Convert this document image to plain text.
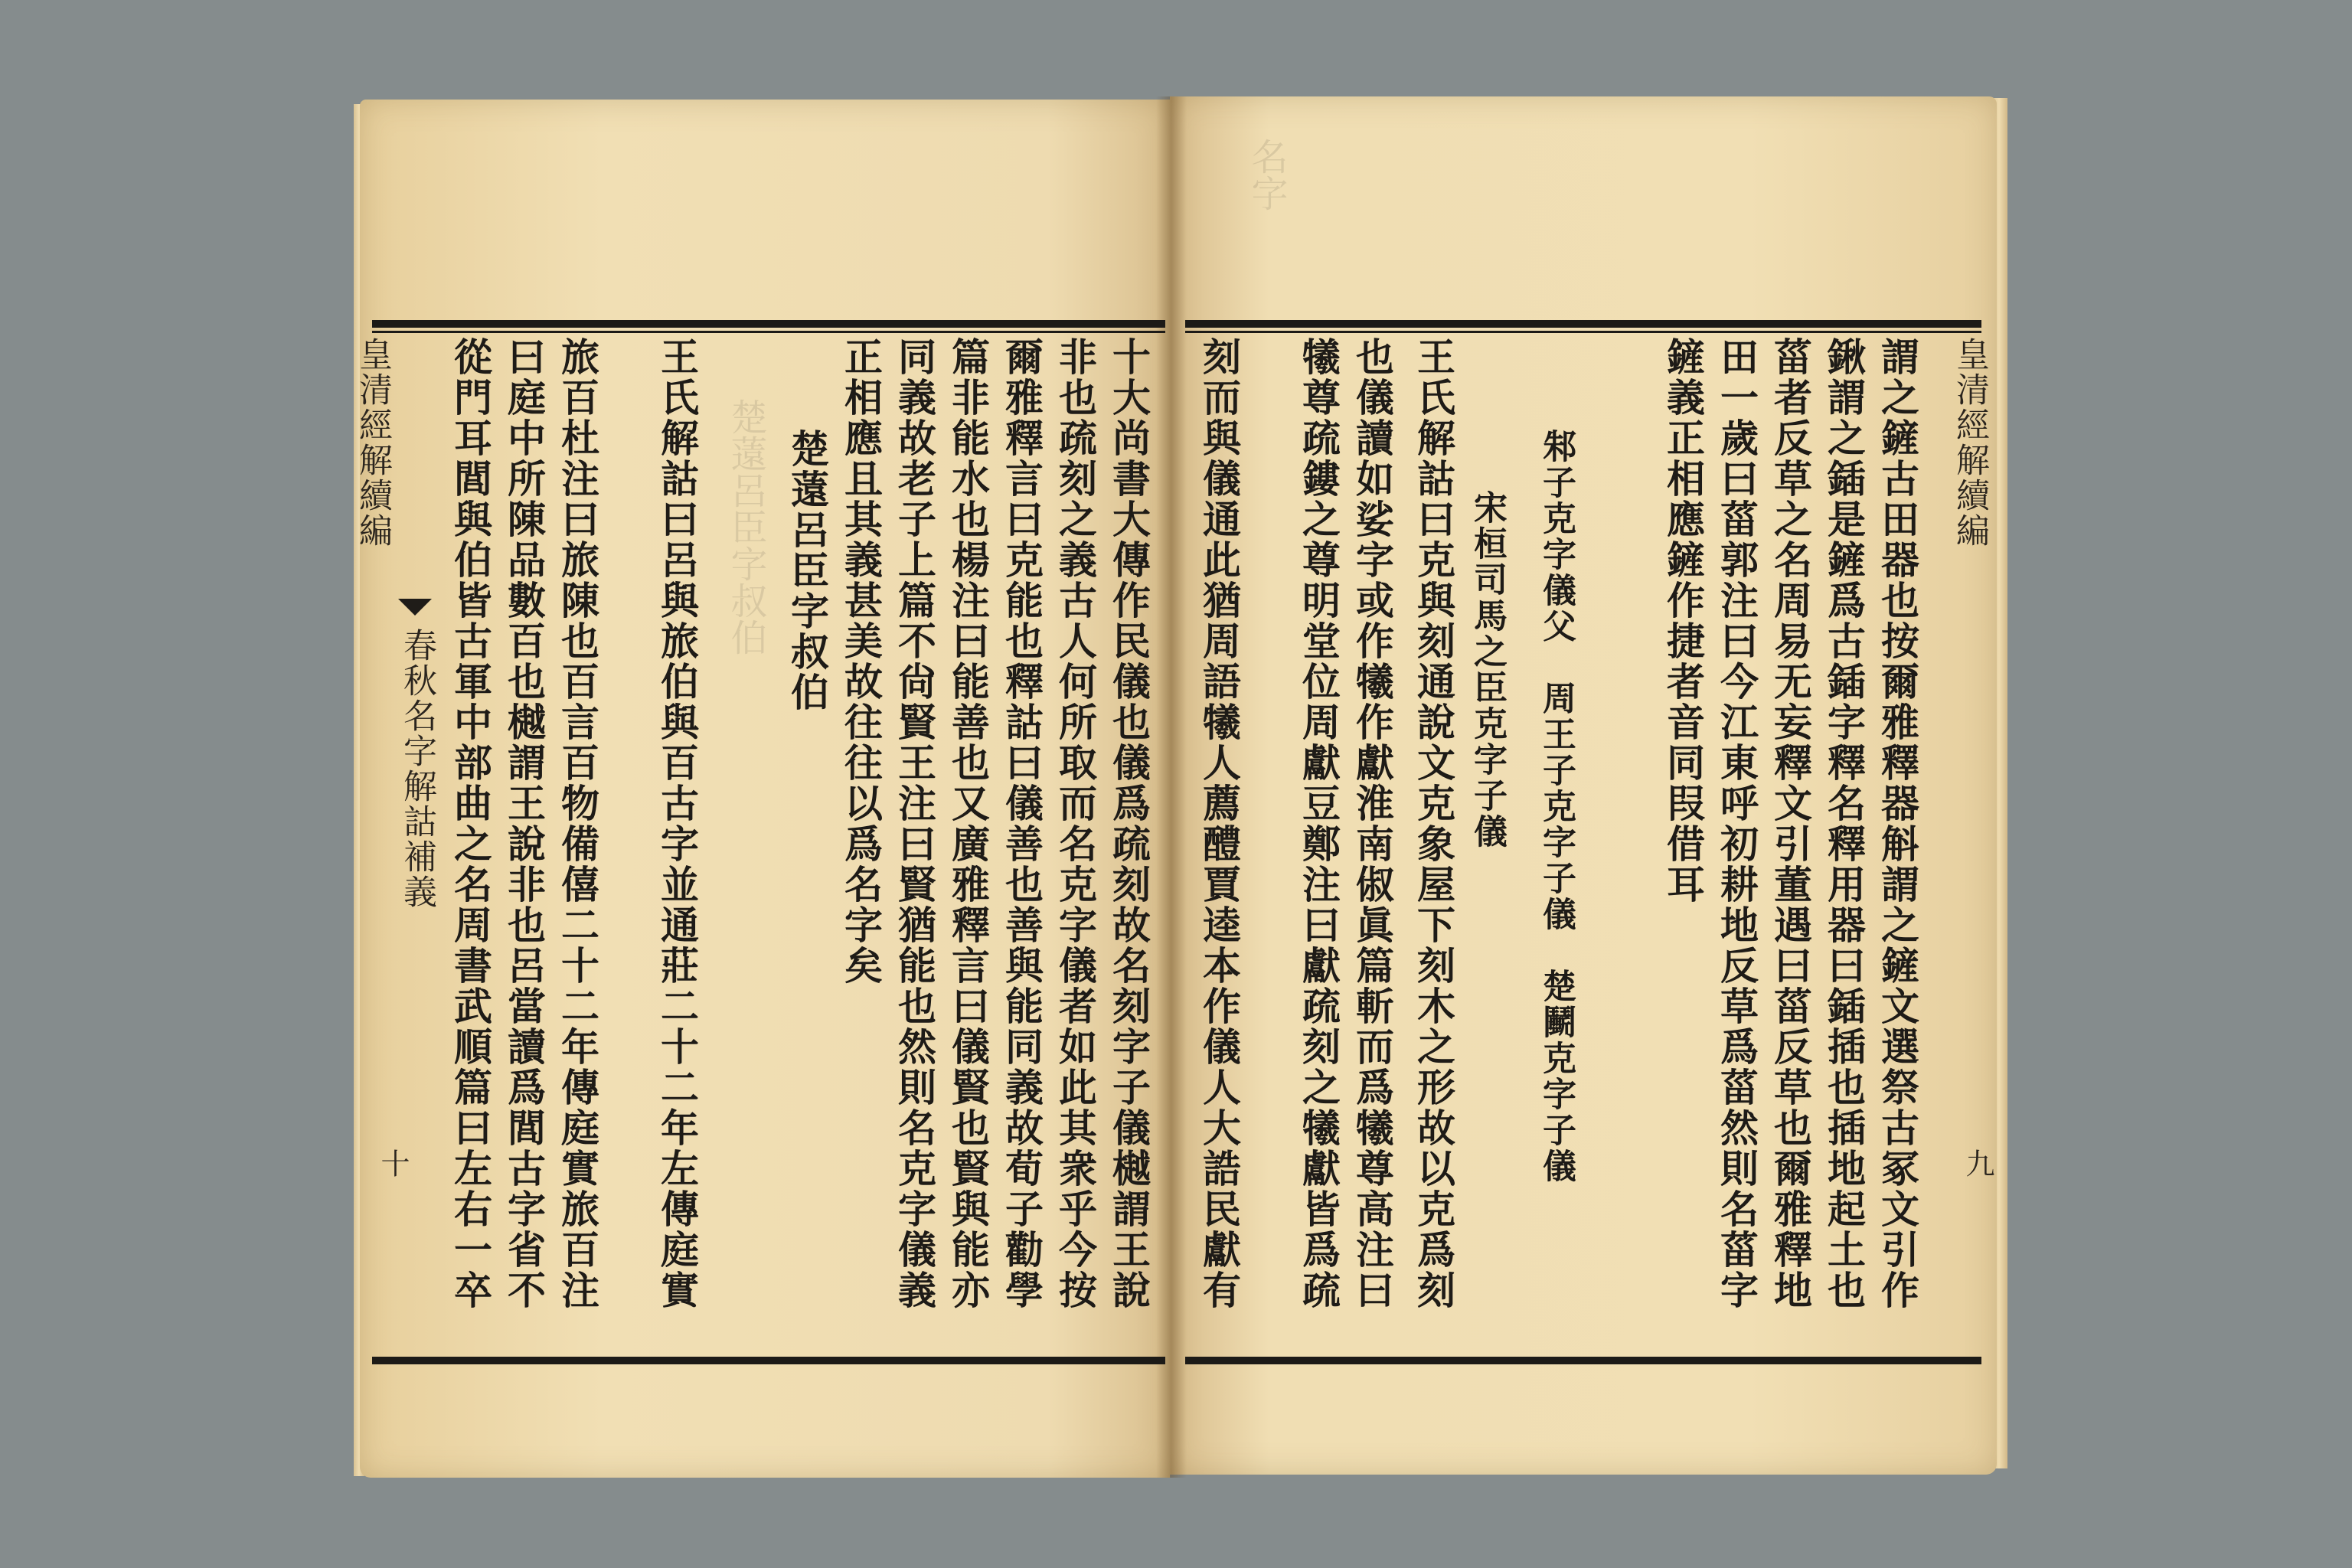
楚薳呂臣字叔伯
名字
皇清經解續編
春秋名字解詁補義
十	十大尚書大傳作民儀也儀爲疏刻故名刻字子儀樾謂王說
非也疏刻之義古人何所取而名克字儀者如此其衆乎今按
爾雅釋言曰克能也釋詁曰儀善也善與能同義故荀子勸學
篇非能水也楊注曰能善也又廣雅釋言曰儀賢也賢與能亦
同義故老子上篇不尙賢王注曰賢猶能也然則名克字儀義
正相應且其義甚美故往往以爲名字矣
楚薳呂臣字叔伯
王氏解詁曰呂與旅伯與百古字並通莊二十二年左傳庭實
旅百杜注曰旅陳也百言百物備僖二十二年傳庭實旅百注
曰庭中所陳品數百也樾謂王說非也呂當讀爲閭古字省不
從門耳閭與伯皆古軍中部曲之名周書武順篇曰左右一卒	皇清經解續編
九
謂之鏟古田器也按爾雅釋器斛謂之鏟文選祭古冢文引作
鍬謂之鍤是鏟爲古鍤字釋名釋用器曰鍤插也插地起土也
菑者反草之名周易无妄釋文引董遇曰菑反草也爾雅釋地
田一歲曰菑郭注曰今江東呼初耕地反草爲菑然則名菑字
鏟義正相應鏟作捷者音同叚借耳
邾子克字儀父　周王子克字子儀　楚鬭克字子儀
宋桓司馬之臣克字子儀
王氏解詁曰克與刻通說文克象屋下刻木之形故以克爲刻
也儀讀如娑字或作犧作獻淮南俶眞篇斬而爲犧尊高注曰
犧尊疏鏤之尊明堂位周獻豆鄭注曰獻疏刻之犧獻皆爲疏
刻而與儀通此猶周語犧人薦醴賈逵本作儀人大誥民獻有
